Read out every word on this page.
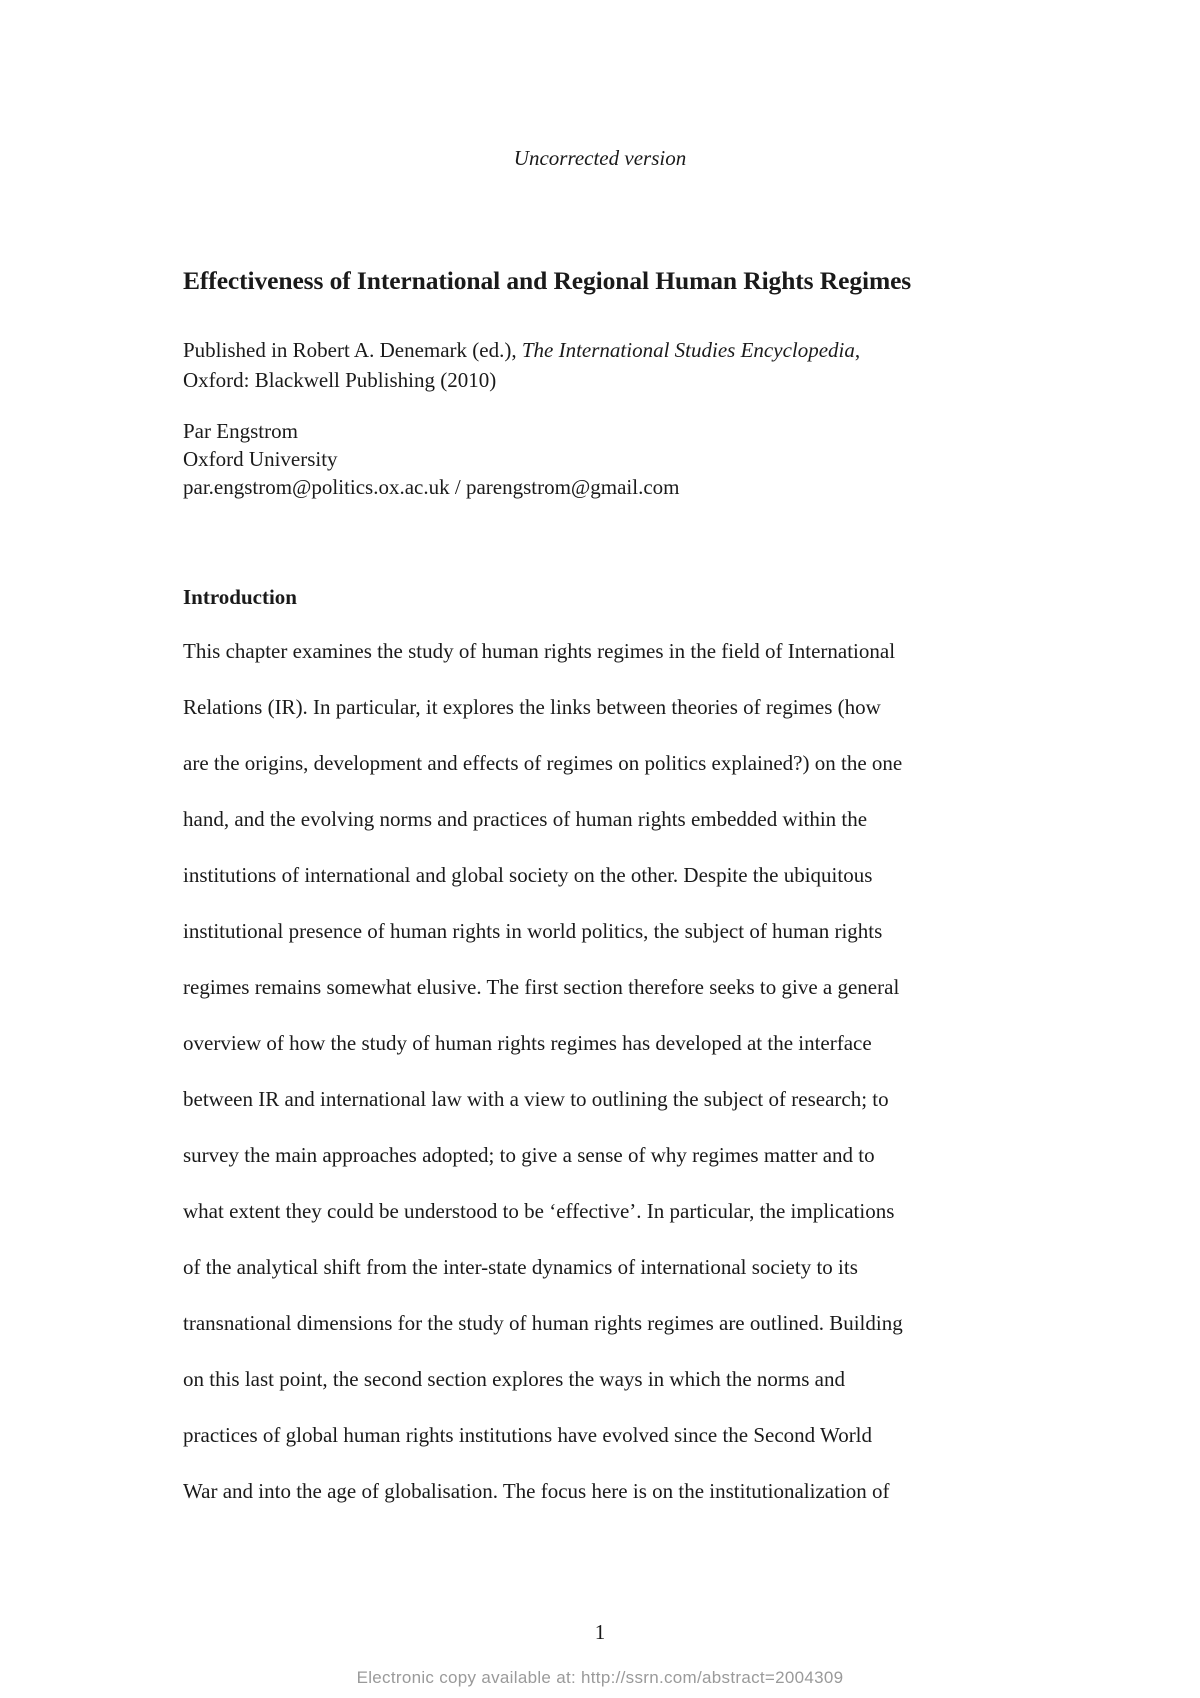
Uncorrected version
Effectiveness of International and Regional Human Rights Regimes
Published in Robert A. Denemark (ed.), The International Studies Encyclopedia,
Oxford: Blackwell Publishing (2010)
Par Engstrom
Oxford University
par.engstrom@politics.ox.ac.uk / parengstrom@gmail.com
Introduction
This chapter examines the study of human rights regimes in the field of International
Relations (IR). In particular, it explores the links between theories of regimes (how
are the origins, development and effects of regimes on politics explained?) on the one
hand, and the evolving norms and practices of human rights embedded within the
institutions of international and global society on the other. Despite the ubiquitous
institutional presence of human rights in world politics, the subject of human rights
regimes remains somewhat elusive. The first section therefore seeks to give a general
overview of how the study of human rights regimes has developed at the interface
between IR and international law with a view to outlining the subject of research; to
survey the main approaches adopted; to give a sense of why regimes matter and to
what extent they could be understood to be ‘effective’. In particular, the implications
of the analytical shift from the inter-state dynamics of international society to its
transnational dimensions for the study of human rights regimes are outlined. Building
on this last point, the second section explores the ways in which the norms and
practices of global human rights institutions have evolved since the Second World
War and into the age of globalisation. The focus here is on the institutionalization of
1
Electronic copy available at: http://ssrn.com/abstract=2004309
